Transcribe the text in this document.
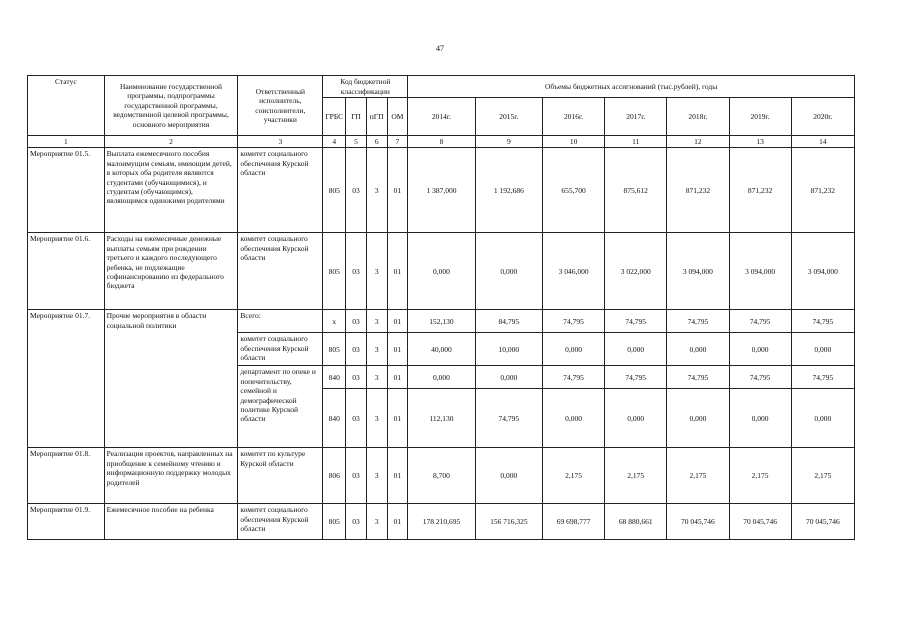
47
Статус	Наименование государственной программы, подпрограммы государственной программы, ведомственной целевой программы, основного мероприятия	Ответственный исполнитель, соисполнители, участники	Код бюджетной классификации				Объемы бюджетных ассигнований (тыс.рублей), годы						
			ГРБС	ГП	пГП	ОМ	2014г.	2015г.	2016г.	2017г.	2018г.	2019г.	2020г.
1	2	3	4	5	6	7	8	9	10	11	12	13	14
Мероприятие 01.5.	Выплата ежемесячного пособия малоимущим семьям, имеющим детей, в которых оба родителя являются студентами (обучающимися), и студентам (обучающимся), являющимся одинокими родителями	комитет социального обеспечения Курской области	805	03	3	01	1 387,000	1 192,686	655,700	875,612	871,232	871,232	871,232
Мероприятие 01.6.	Расходы на ежемесячные денежные выплаты семьям при рождении третьего и каждого последующего ребенка, не подлежащие софинансированию из федерального бюджета	комитет социального обеспечения Курской области	805	03	3	01	0,000	0,000	3 046,000	3 022,000	3 094,000	3 094,000	3 094,000
Мероприятие 01.7.	Прочие мероприятия в области социальной политики	Всего:	x	03	3	01	152,130	84,795	74,795	74,795	74,795	74,795	74,795
		комитет социального обеспечения Курской области	805	03	3	01	40,000	10,000	0,000	0,000	0,000	0,000	0,000
		департамент по опеке и попечительству, семейной и демографической политике Курской области	840	03	3	01	0,000	0,000	74,795	74,795	74,795	74,795	74,795
			840	03	3	01	112,130	74,795	0,000	0,000	0,000	0,000	0,000
Мероприятие 01.8.	Реализация проектов, направленных на приобщение к семейному чтению и информационную поддержку молодых родителей	комитет по культуре Курской области	806	03	3	01	8,700	0,000	2,175	2,175	2,175	2,175	2,175
Мероприятие 01.9.	Ежемесячное пособие на ребенка	комитет социального обеспечения Курской области	805	03	3	01	178 210,695	156 716,325	69 698,777	68 880,661	70 045,746	70 045,746	70 045,746
